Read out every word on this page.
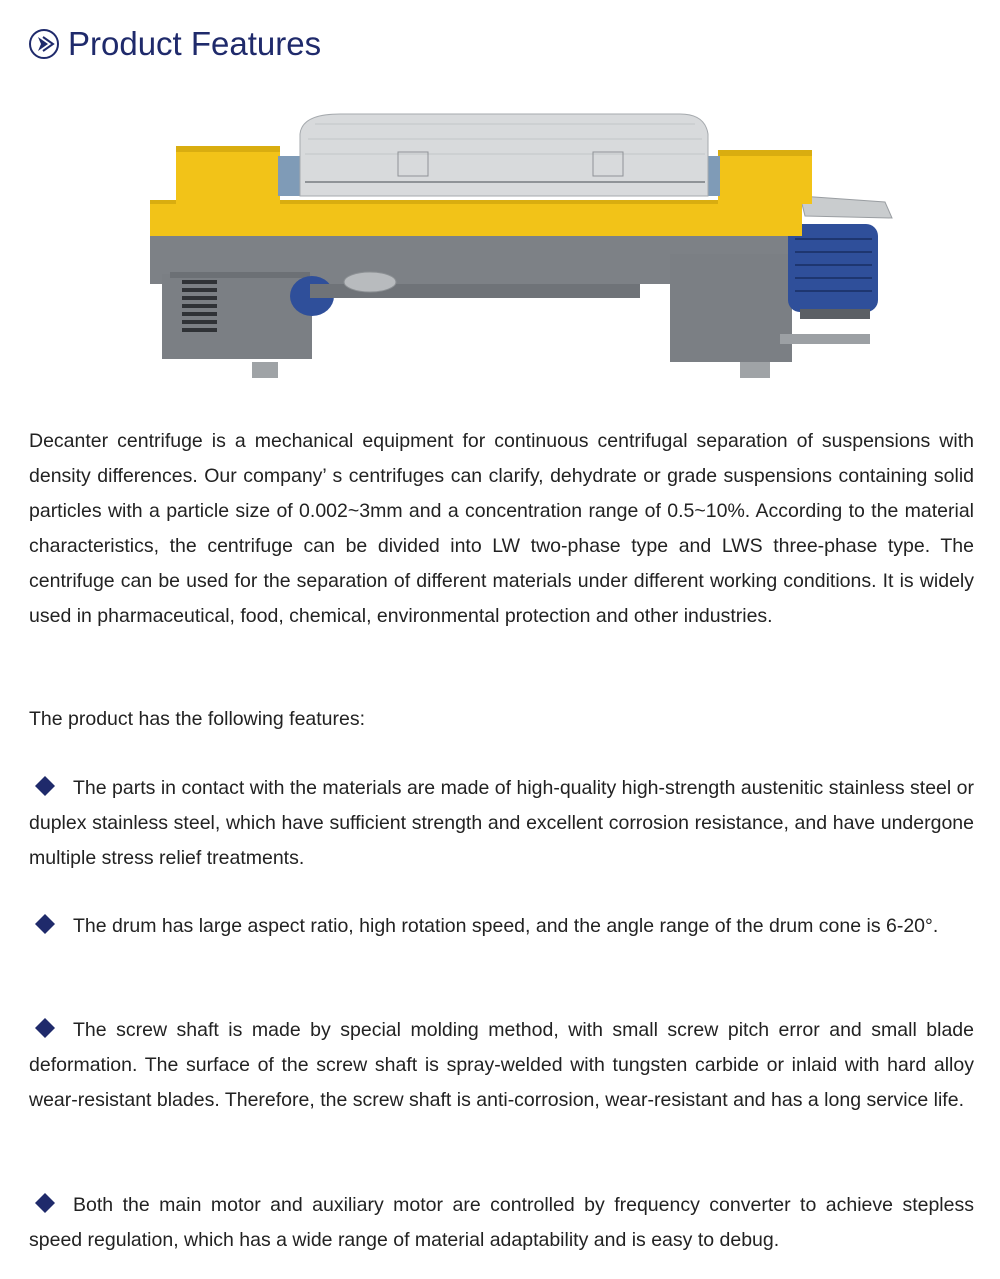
Product Features
Decanter centrifuge is a mechanical equipment for continuous centrifugal separation of suspensions with density differences. Our company’ s centrifuges can clarify, dehydrate or grade suspensions containing solid particles with a particle size of 0.002~3mm and a concentration range of 0.5~10%. According to the material characteristics, the centrifuge can be divided into LW two-phase type and LWS three-phase type. The centrifuge can be used for the separation of different materials under different working conditions. It is widely used in pharmaceutical, food, chemical, environmental protection and other industries.
The product has the following features:
The parts in contact with the materials are made of high-quality high-strength austenitic stainless steel or duplex stainless steel, which have sufficient strength and excellent corrosion resistance, and have undergone multiple stress relief treatments.
The drum has large aspect ratio, high rotation speed, and the angle range of the drum cone is 6-20°.
The screw shaft is made by special molding method, with small screw pitch error and small blade deformation. The surface of the screw shaft is spray-welded with tungsten carbide or inlaid with hard alloy wear-resistant blades. Therefore, the screw shaft is anti-corrosion, wear-resistant and has a long service life.
Both the main motor and auxiliary motor are controlled by frequency converter to achieve stepless speed regulation, which has a wide range of material adaptability and is easy to debug.
